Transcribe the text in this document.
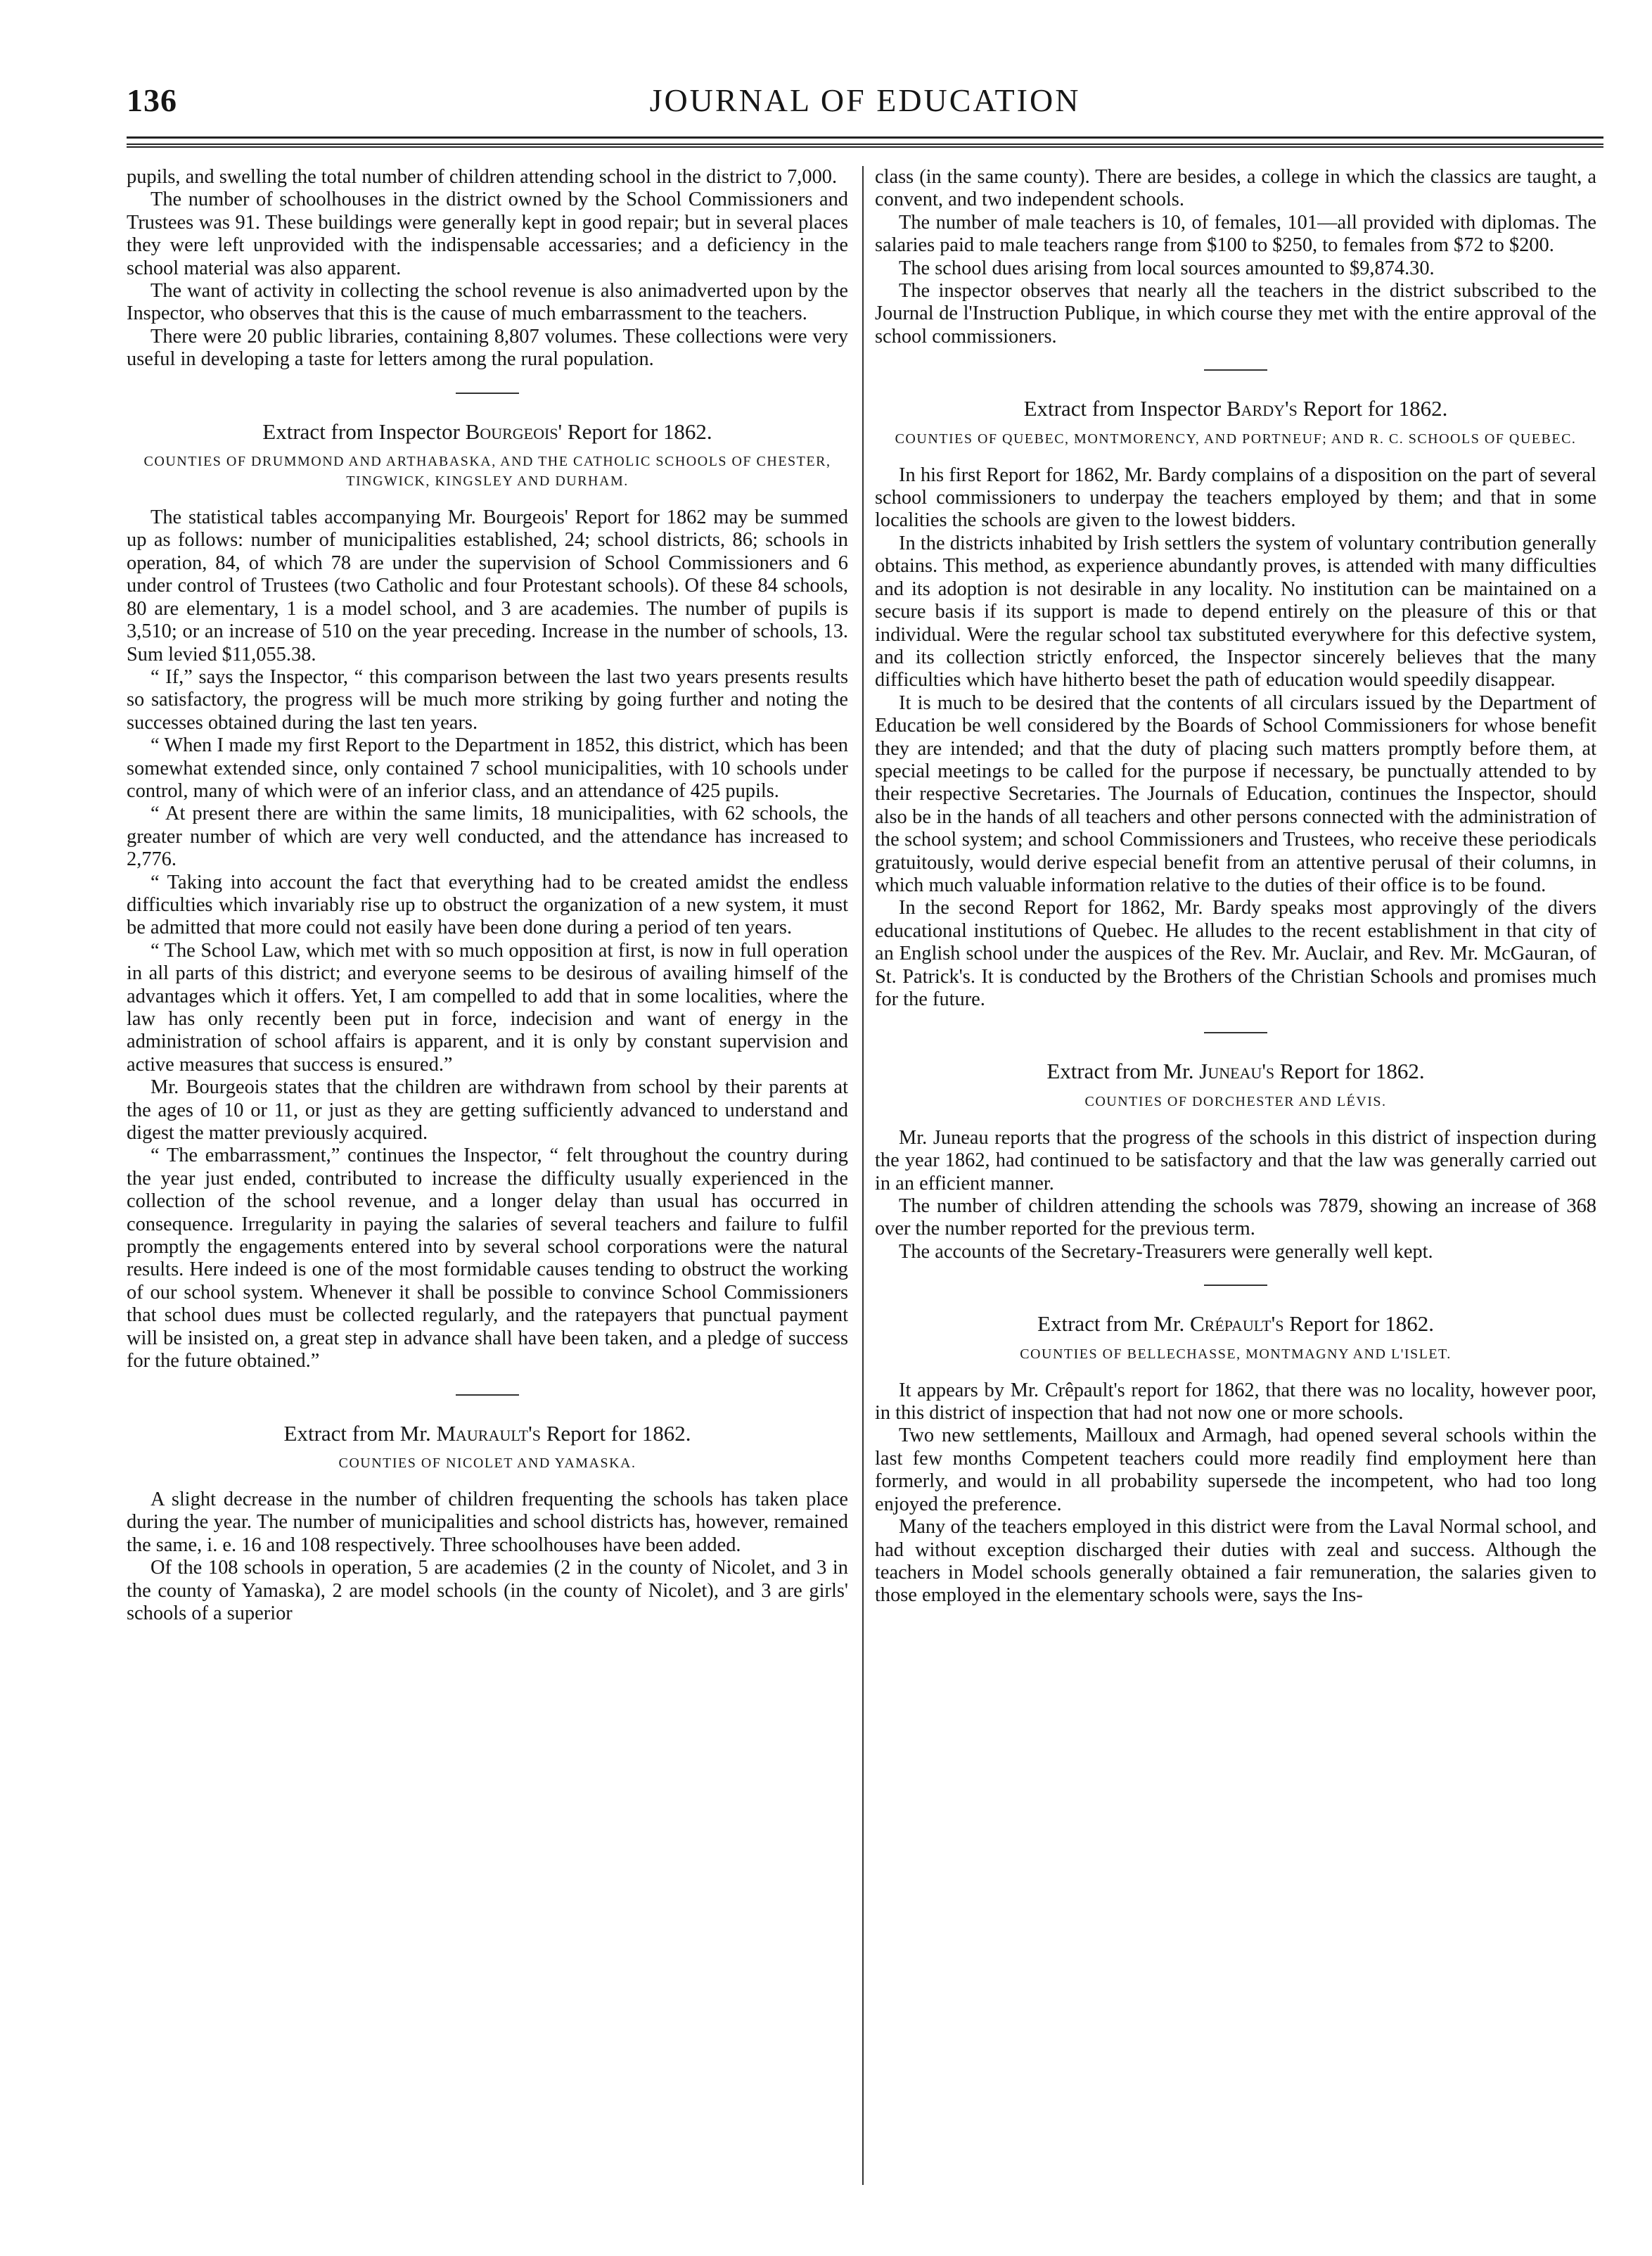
136	JOURNAL OF EDUCATION

pupils, and swelling the total number of children attending school in the district to 7,000.

The number of schoolhouses in the district owned by the School Commissioners and Trustees was 91. These buildings were generally kept in good repair; but in several places they were left unprovided with the indispensable accessaries; and a deficiency in the school material was also apparent.

The want of activity in collecting the school revenue is also animadverted upon by the Inspector, who observes that this is the cause of much embarrassment to the teachers.

There were 20 public libraries, containing 8,807 volumes. These collections were very useful in developing a taste for letters among the rural population.

Extract from Inspector Bourgeois' Report for 1862.
COUNTIES OF DRUMMOND AND ARTHABASKA, AND THE CATHOLIC SCHOOLS OF CHESTER, TINGWICK, KINGSLEY AND DURHAM.

The statistical tables accompanying Mr. Bourgeois' Report for 1862 may be summed up as follows: number of municipalities established, 24; school districts, 86; schools in operation, 84, of which 78 are under the supervision of School Commissioners and 6 under control of Trustees (two Catholic and four Protestant schools). Of these 84 schools, 80 are elementary, 1 is a model school, and 3 are academies. The number of pupils is 3,510; or an increase of 510 on the year preceding. Increase in the number of schools, 13. Sum levied $11,055.38.

“ If,” says the Inspector, “ this comparison between the last two years presents results so satisfactory, the progress will be much more striking by going further and noting the successes obtained during the last ten years.

“ When I made my first Report to the Department in 1852, this district, which has been somewhat extended since, only contained 7 school municipalities, with 10 schools under control, many of which were of an inferior class, and an attendance of 425 pupils.

“ At present there are within the same limits, 18 municipalities, with 62 schools, the greater number of which are very well conducted, and the attendance has increased to 2,776.

“ Taking into account the fact that everything had to be created amidst the endless difficulties which invariably rise up to obstruct the organization of a new system, it must be admitted that more could not easily have been done during a period of ten years.

“ The School Law, which met with so much opposition at first, is now in full operation in all parts of this district; and everyone seems to be desirous of availing himself of the advantages which it offers. Yet, I am compelled to add that in some localities, where the law has only recently been put in force, indecision and want of energy in the administration of school affairs is apparent, and it is only by constant supervision and active measures that success is ensured.”

Mr. Bourgeois states that the children are withdrawn from school by their parents at the ages of 10 or 11, or just as they are getting sufficiently advanced to understand and digest the matter previously acquired.

“ The embarrassment,” continues the Inspector, “ felt throughout the country during the year just ended, contributed to increase the difficulty usually experienced in the collection of the school revenue, and a longer delay than usual has occurred in consequence. Irregularity in paying the salaries of several teachers and failure to fulfil promptly the engagements entered into by several school corporations were the natural results. Here indeed is one of the most formidable causes tending to obstruct the working of our school system. Whenever it shall be possible to convince School Commissioners that school dues must be collected regularly, and the ratepayers that punctual payment will be insisted on, a great step in advance shall have been taken, and a pledge of success for the future obtained.”

Extract from Mr. Maurault's Report for 1862.
COUNTIES OF NICOLET AND YAMASKA.

A slight decrease in the number of children frequenting the schools has taken place during the year. The number of municipalities and school districts has, however, remained the same, i. e. 16 and 108 respectively. Three schoolhouses have been added.

Of the 108 schools in operation, 5 are academies (2 in the county of Nicolet, and 3 in the county of Yamaska), 2 are model schools (in the county of Nicolet), and 3 are girls' schools of a superior

class (in the same county). There are besides, a college in which the classics are taught, a convent, and two independent schools.

The number of male teachers is 10, of females, 101—all provided with diplomas. The salaries paid to male teachers range from $100 to $250, to females from $72 to $200.

The school dues arising from local sources amounted to $9,874.30.

The inspector observes that nearly all the teachers in the district subscribed to the Journal de l'Instruction Publique, in which course they met with the entire approval of the school commissioners.

Extract from Inspector Bardy's Report for 1862.
COUNTIES OF QUEBEC, MONTMORENCY, AND PORTNEUF; AND R. C. SCHOOLS OF QUEBEC.

In his first Report for 1862, Mr. Bardy complains of a disposition on the part of several school commissioners to underpay the teachers employed by them; and that in some localities the schools are given to the lowest bidders.

In the districts inhabited by Irish settlers the system of voluntary contribution generally obtains. This method, as experience abundantly proves, is attended with many difficulties and its adoption is not desirable in any locality. No institution can be maintained on a secure basis if its support is made to depend entirely on the pleasure of this or that individual. Were the regular school tax substituted everywhere for this defective system, and its collection strictly enforced, the Inspector sincerely believes that the many difficulties which have hitherto beset the path of education would speedily disappear.

It is much to be desired that the contents of all circulars issued by the Department of Education be well considered by the Boards of School Commissioners for whose benefit they are intended; and that the duty of placing such matters promptly before them, at special meetings to be called for the purpose if necessary, be punctually attended to by their respective Secretaries. The Journals of Education, continues the Inspector, should also be in the hands of all teachers and other persons connected with the administration of the school system; and school Commissioners and Trustees, who receive these periodicals gratuitously, would derive especial benefit from an attentive perusal of their columns, in which much valuable information relative to the duties of their office is to be found.

In the second Report for 1862, Mr. Bardy speaks most approvingly of the divers educational institutions of Quebec. He alludes to the recent establishment in that city of an English school under the auspices of the Rev. Mr. Auclair, and Rev. Mr. McGauran, of St. Patrick's. It is conducted by the Brothers of the Christian Schools and promises much for the future.

Extract from Mr. Juneau's Report for 1862.
COUNTIES OF DORCHESTER AND LÉVIS.

Mr. Juneau reports that the progress of the schools in this district of inspection during the year 1862, had continued to be satisfactory and that the law was generally carried out in an efficient manner.

The number of children attending the schools was 7879, showing an increase of 368 over the number reported for the previous term.

The accounts of the Secretary-Treasurers were generally well kept.

Extract from Mr. Crépault's Report for 1862.
COUNTIES OF BELLECHASSE, MONTMAGNY AND L'ISLET.

It appears by Mr. Crêpault's report for 1862, that there was no locality, however poor, in this district of inspection that had not now one or more schools.

Two new settlements, Mailloux and Armagh, had opened several schools within the last few months Competent teachers could more readily find employment here than formerly, and would in all probability supersede the incompetent, who had too long enjoyed the preference.

Many of the teachers employed in this district were from the Laval Normal school, and had without exception discharged their duties with zeal and success. Although the teachers in Model schools generally obtained a fair remuneration, the salaries given to those employed in the elementary schools were, says the Ins-
